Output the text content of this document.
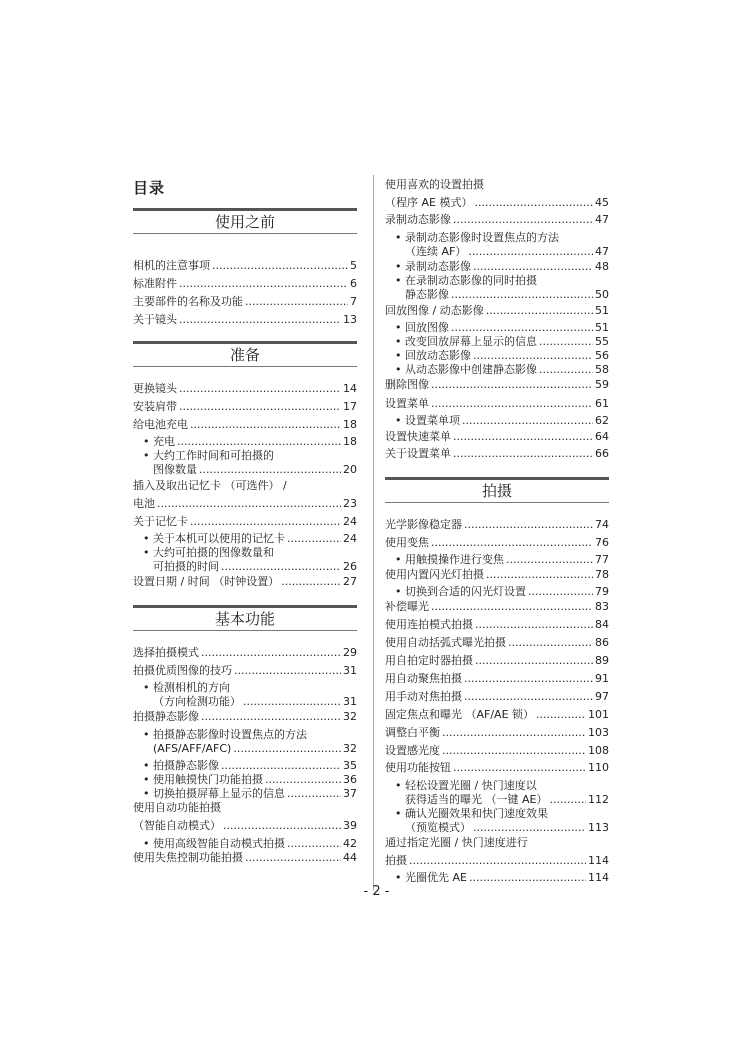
目录
使用之前
相机的注意事项 .....	5
标准附件 .....	6
主要部件的名称及功能 .....	7
关于镜头 .....	13
准备
更换镜头 .....	14
安装肩带 .....	17
给电池充电 .....	18
• 充电 .....	18
• 大约工作时间和可拍摄的
图像数量 .....	20
插入及取出记忆卡 （可选件） /
电池 .....	23
关于记忆卡 .....	24
• 关于本机可以使用的记忆卡 .....	24
• 大约可拍摄的图像数量和
可拍摄的时间 .....	26
设置日期 / 时间 （时钟设置） .....	27
基本功能
选择拍摄模式 .....	29
拍摄优质图像的技巧 .....	31
• 检测相机的方向
（方向检测功能） .....	31
拍摄静态影像 .....	32
• 拍摄静态影像时设置焦点的方法
(AFS/AFF/AFC) .....	32
• 拍摄静态影像 .....	35
• 使用触摸快门功能拍摄 .....	36
• 切换拍摄屏幕上显示的信息 .....	37
使用自动功能拍摄
（智能自动模式） .....	39
• 使用高级智能自动模式拍摄 .....	42
使用失焦控制功能拍摄 .....	44
使用喜欢的设置拍摄
（程序 AE 模式） .....	45
录制动态影像 .....	47
• 录制动态影像时设置焦点的方法
（连续 AF） .....	47
• 录制动态影像 .....	48
• 在录制动态影像的同时拍摄
静态影像 .....	50
回放图像 / 动态影像 .....	51
• 回放图像 .....	51
• 改变回放屏幕上显示的信息 .....	55
• 回放动态影像 .....	56
• 从动态影像中创建静态影像 .....	58
删除图像 .....	59
设置菜单 .....	61
• 设置菜单项 .....	62
设置快速菜单 .....	64
关于设置菜单 .....	66
拍摄
光学影像稳定器 .....	74
使用变焦 .....	76
• 用触摸操作进行变焦 .....	77
使用内置闪光灯拍摄 .....	78
• 切换到合适的闪光灯设置 .....	79
补偿曝光 .....	83
使用连拍模式拍摄 .....	84
使用自动括弧式曝光拍摄 .....	86
用自拍定时器拍摄 .....	89
用自动聚焦拍摄 .....	91
用手动对焦拍摄 .....	97
固定焦点和曝光 （AF/AE 锁） .....	101
调整白平衡 .....	103
设置感光度 .....	108
使用功能按钮 .....	110
• 轻松设置光圈 / 快门速度以
获得适当的曝光 （一键 AE） .....	112
• 确认光圈效果和快门速度效果
（预览模式） .....	113
通过指定光圈 / 快门速度进行
拍摄 .....	114
• 光圈优先 AE .....	114
- 2 -
